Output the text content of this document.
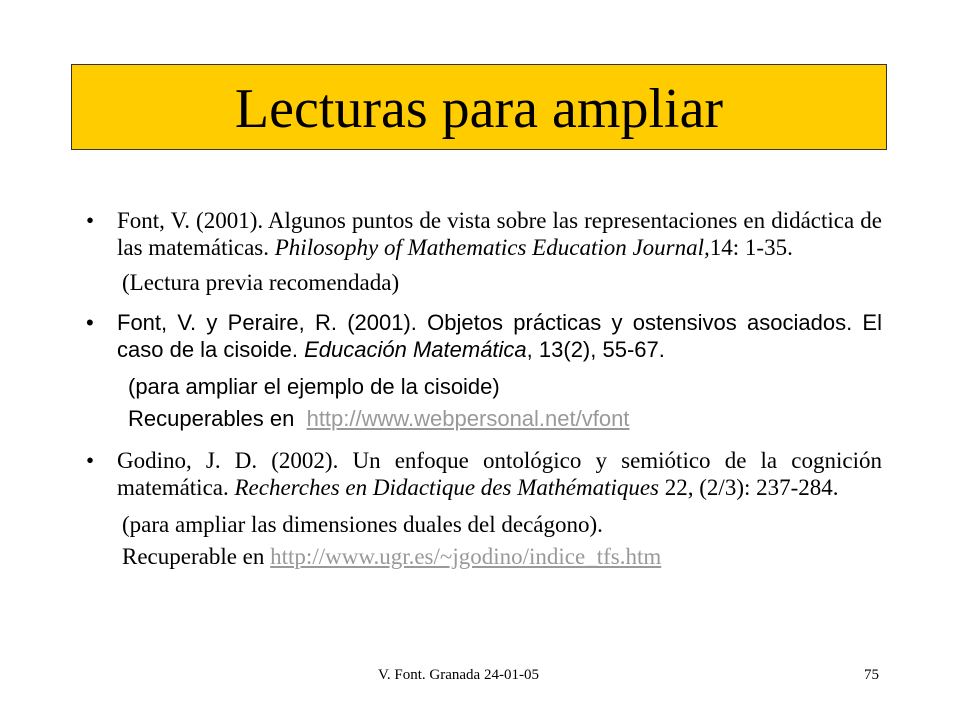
Lecturas para ampliar
• Font, V. (2001). Algunos puntos de vista sobre las representaciones en didáctica de las matemáticas. Philosophy of Mathematics Education Journal,14: 1-35.
(Lectura previa recomendada)
• Font, V. y Peraire, R. (2001). Objetos prácticas y ostensivos asociados. El caso de la cisoide. Educación Matemática, 13(2), 55-67.
(para ampliar el ejemplo de la cisoide)
Recuperables en http://www.webpersonal.net/vfont
• Godino, J. D. (2002). Un enfoque ontológico y semiótico de la cognición matemática. Recherches en Didactique des Mathématiques 22, (2/3): 237-284.
(para ampliar las dimensiones duales del decágono).
Recuperable en http://www.ugr.es/~jgodino/indice_tfs.htm
V. Font. Granada 24-01-05	75
